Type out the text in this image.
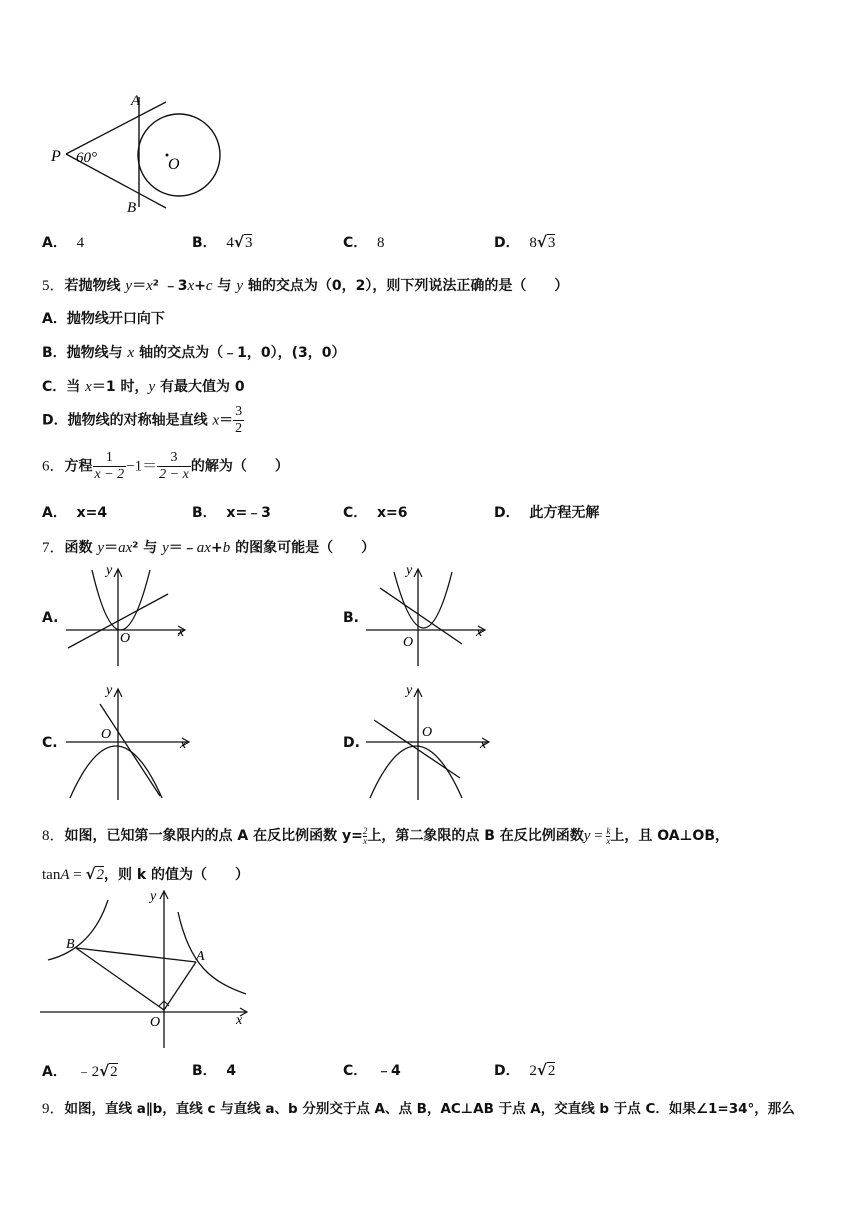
P 60°
A
B
O
A． 4	B． 4√3	C． 8	D． 8√3
5．若抛物线 y＝x² ﹣3x+c 与 y 轴的交点为（0，2），则下列说法正确的是（　　）
A．抛物线开口向下
B．抛物线与 x 轴的交点为（﹣1，0），(3，0）
C．当 x＝1 时，y 有最大值为 0
D．抛物线的对称轴是直线 $x= \frac{3}{2}$
6．方程 $\frac{1}{x - 2} -1= \frac{3}{2 - x}$ 的解为（　　）
A． x=4	B． x=﹣3	C． x=6	D． 此方程无解
7．函数 y＝ax² 与 y＝﹣ax+b 的图象可能是（　　）
A.
y
x
O
B.
y
x
O
C.
y
x
O
D.
y
x
O
8．如图，已知第一象限内的点 A 在反比例函数 $y= \frac{2}{x}$ 上，第二象限的点 B 在反比例函数$y = \frac{k}{x}$ 上，且 OA⊥OB，
tanA = √2，则 k 的值为（　　）
B
A
O	x
y
A． ﹣2√2	B． 4	C． ﹣4	D． 2√2
9．如图，直线 a∥b，直线 c 与直线 a、b 分别交于点 A、点 B，AC⊥AB 于点 A，交直线 b 于点 C．如果∠1=34°，那么
